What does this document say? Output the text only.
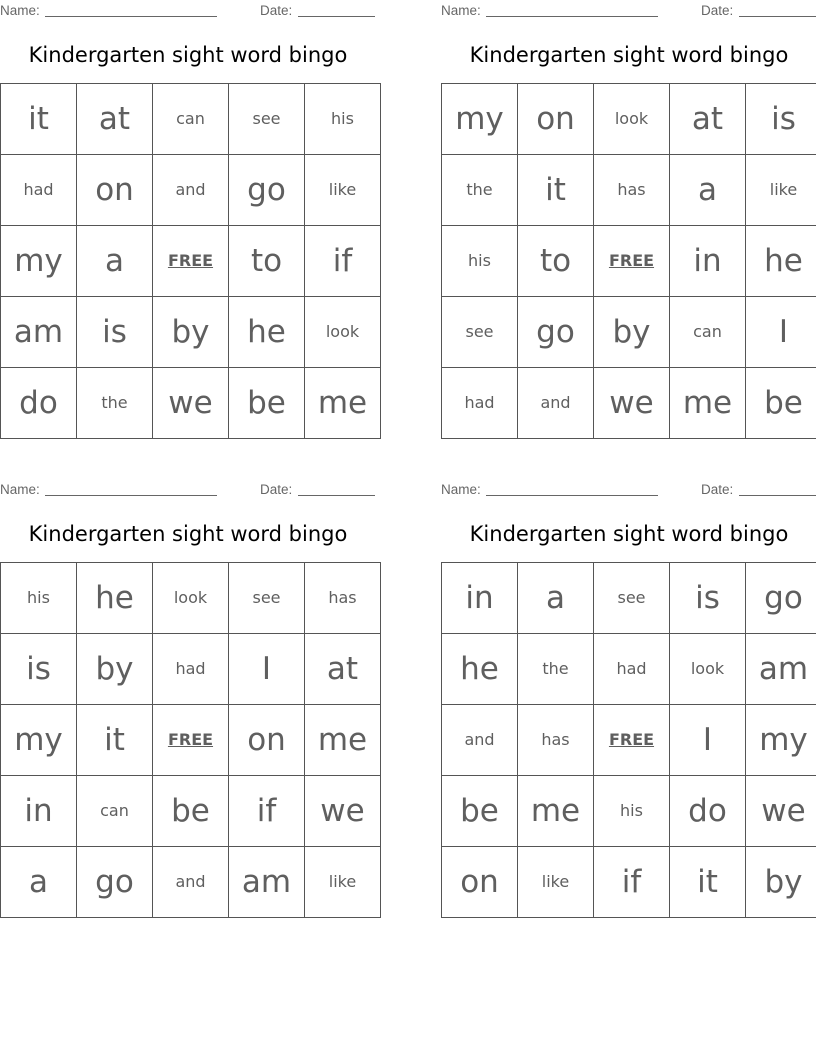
Name:	Date:
Kindergarten sight word bingo
it	at	can	see	his
had	on	and	go	like
my	a	FREE	to	if
am	is	by	he	look
do	the	we	be	me
Name:	Date:
Kindergarten sight word bingo
my	on	look	at	is
the	it	has	a	like
his	to	FREE	in	he
see	go	by	can	I
had	and	we	me	be
Name:	Date:
Kindergarten sight word bingo
his	he	look	see	has
is	by	had	I	at
my	it	FREE	on	me
in	can	be	if	we
a	go	and	am	like
Name:	Date:
Kindergarten sight word bingo
in	a	see	is	go
he	the	had	look	am
and	has	FREE	I	my
be	me	his	do	we
on	like	if	it	by
